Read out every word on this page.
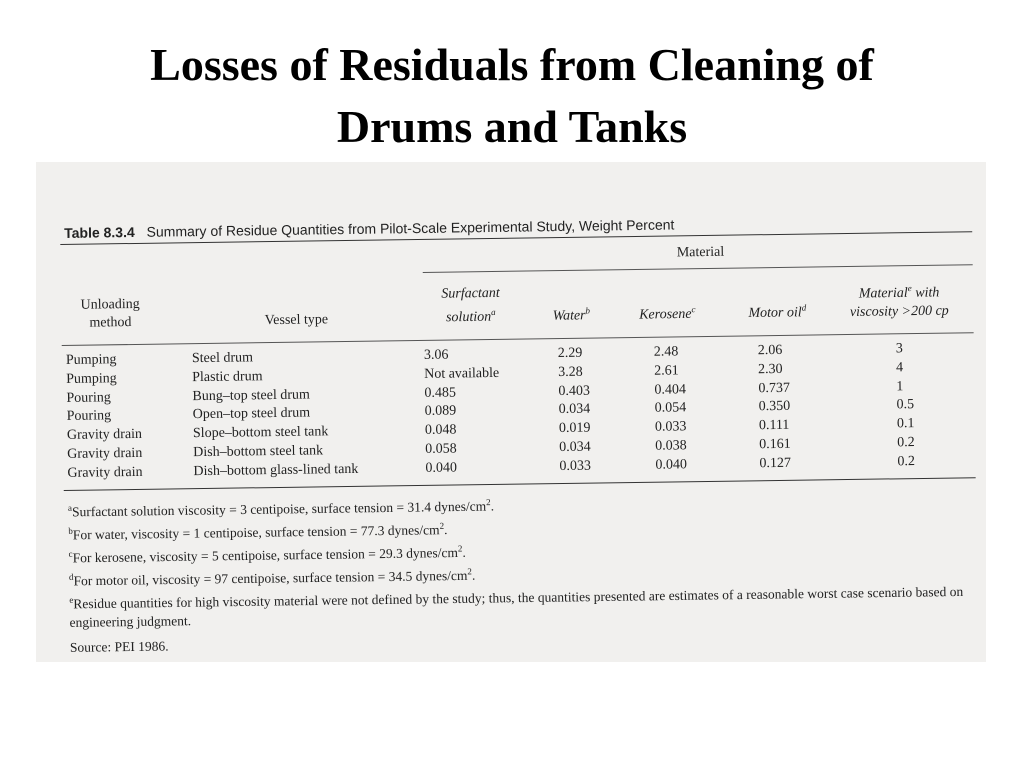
Losses of Residuals from Cleaning of
Drums and Tanks
Table 8.3.4 Summary of Residue Quantities from Pilot-Scale Experimental Study, Weight Percent
Material
Unloading
method	Vessel type
Surfactant
solution$^a$	Water$^b$	Kerosene$^c$	Motor oil$^d$
Material$^e$ with
viscosity >200 cp
Pumping	Steel drum	3.06	2.29	2.48	2.06	3
Pumping	Plastic drum	Not available	3.28	2.61	2.30	4
Pouring	Bung–top steel drum	0.485	0.403	0.404	0.737	1
Pouring	Open–top steel drum	0.089	0.034	0.054	0.350	0.5
Gravity drain	Slope–bottom steel tank	0.048	0.019	0.033	0.111	0.1
Gravity drain	Dish–bottom steel tank	0.058	0.034	0.038	0.161	0.2
Gravity drain	Dish–bottom glass-lined tank	0.040	0.033	0.040	0.127	0.2
$^a$Surfactant solution viscosity = 3 centipoise, surface tension = 31.4 dynes/$cm^2$.
$^b$For water, viscosity = 1 centipoise, surface tension = 77.3 dynes/$cm^2$.
$^c$For kerosene, viscosity = 5 centipoise, surface tension = 29.3 dynes/$cm^2$.
$^d$For motor oil, viscosity = 97 centipoise, surface tension = 34.5 dynes/$cm^2$.
$^e$Residue quantities for high viscosity material were not defined by the study; thus, the quantities presented are estimates of a reasonable worst case scenario based on engineering judgment.
Source: PEI 1986.
